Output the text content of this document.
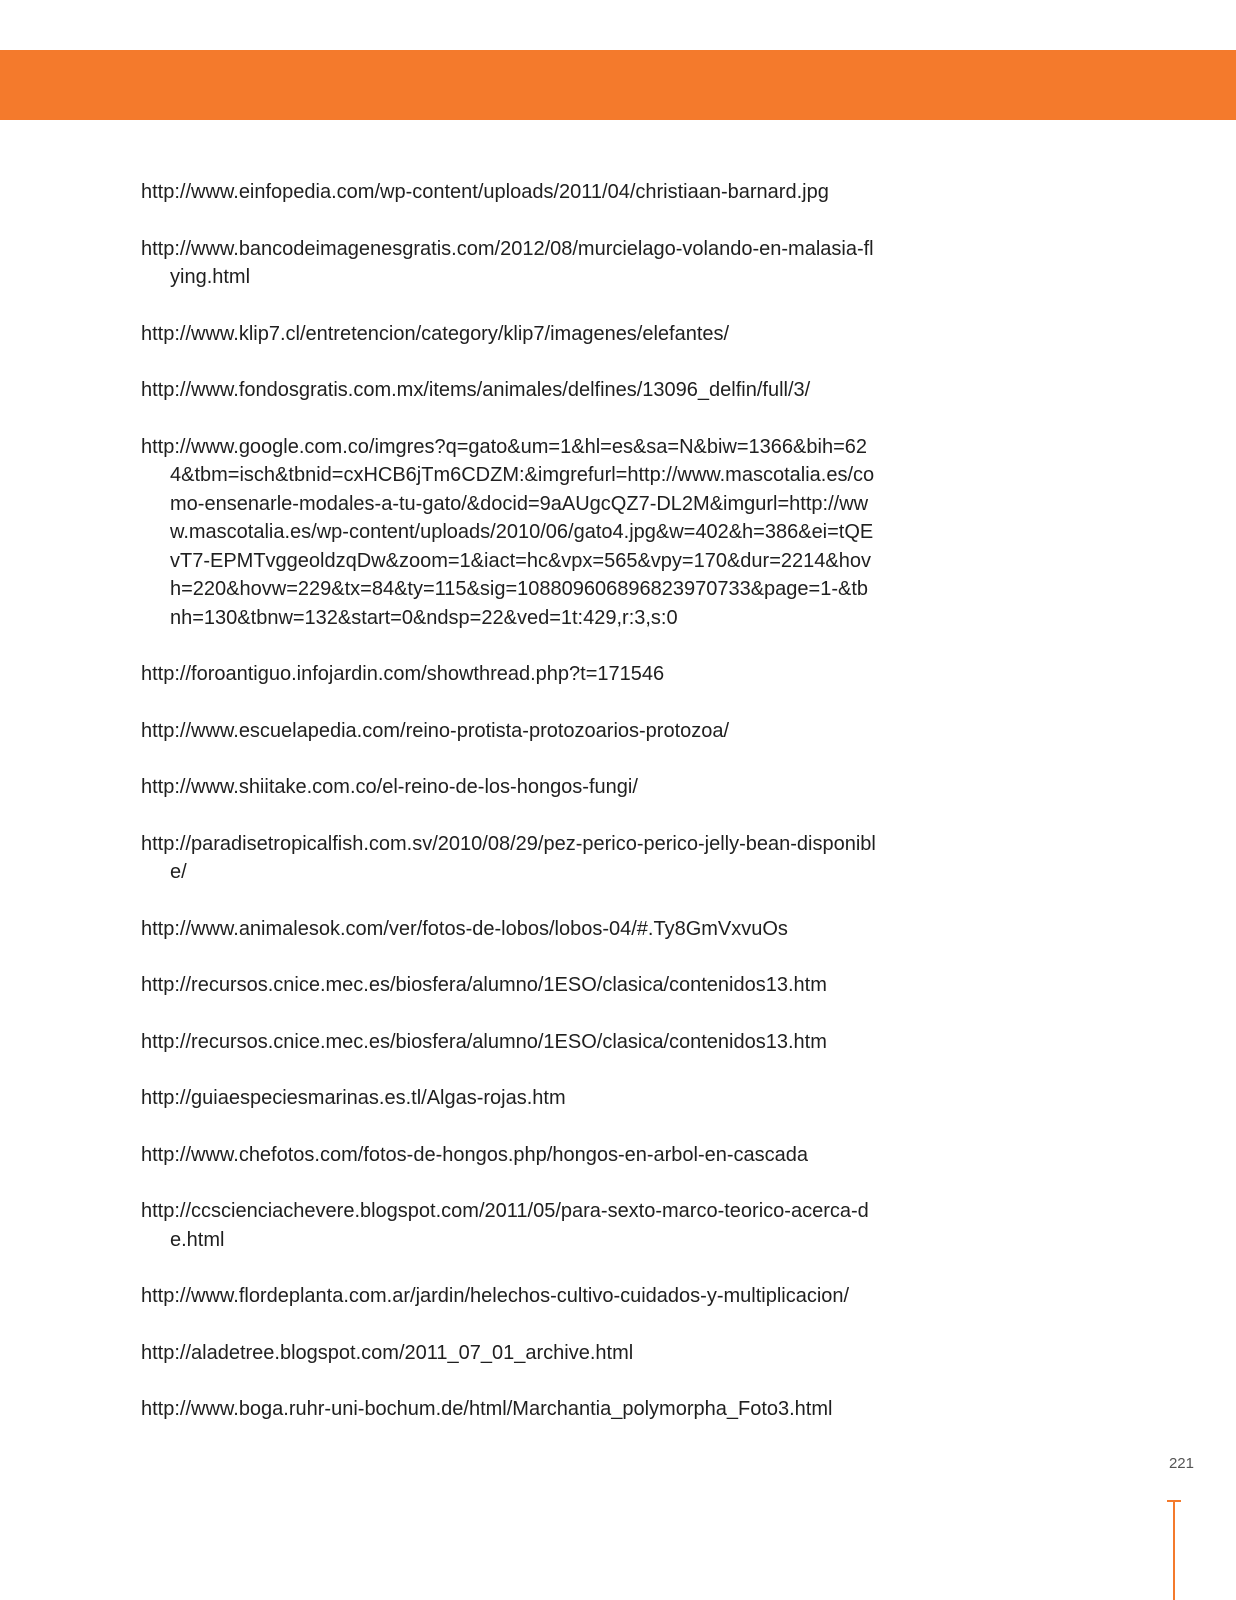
http://www.einfopedia.com/wp-content/uploads/2011/04/christiaan-barnard.jpg
http://www.bancodeimagenesgratis.com/2012/08/murcielago-volando-en-malasia-flying.html
http://www.klip7.cl/entretencion/category/klip7/imagenes/elefantes/
http://www.fondosgratis.com.mx/items/animales/delfines/13096_delfin/full/3/
http://www.google.com.co/imgres?q=gato&um=1&hl=es&sa=N&biw=1366&bih=624&tbm=isch&tbnid=cxHCB6jTm6CDZM:&imgrefurl=http://www.mascotalia.es/como-ensenarle-modales-a-tu-gato/&docid=9aAUgcQZ7-DL2M&imgurl=http://www.mascotalia.es/wp-content/uploads/2010/06/gato4.jpg&w=402&h=386&ei=tQEvT7-EPMTvggeoldzqDw&zoom=1&iact=hc&vpx=565&vpy=170&dur=2214&hovh=220&hovw=229&tx=84&ty=115&sig=108809606896823970733&page=1-&tbnh=130&tbnw=132&start=0&ndsp=22&ved=1t:429,r:3,s:0
http://foroantiguo.infojardin.com/showthread.php?t=171546
http://www.escuelapedia.com/reino-protista-protozoarios-protozoa/
http://www.shiitake.com.co/el-reino-de-los-hongos-fungi/
http://paradisetropicalfish.com.sv/2010/08/29/pez-perico-perico-jelly-bean-disponible/
http://www.animalesok.com/ver/fotos-de-lobos/lobos-04/#.Ty8GmVxvuOs
http://recursos.cnice.mec.es/biosfera/alumno/1ESO/clasica/contenidos13.htm
http://recursos.cnice.mec.es/biosfera/alumno/1ESO/clasica/contenidos13.htm
http://guiaespeciesmarinas.es.tl/Algas-rojas.htm
http://www.chefotos.com/fotos-de-hongos.php/hongos-en-arbol-en-cascada
http://ccscienciachevere.blogspot.com/2011/05/para-sexto-marco-teorico-acerca-de.html
http://www.flordeplanta.com.ar/jardin/helechos-cultivo-cuidados-y-multiplicacion/
http://aladetree.blogspot.com/2011_07_01_archive.html
http://www.boga.ruhr-uni-bochum.de/html/Marchantia_polymorpha_Foto3.html
221
